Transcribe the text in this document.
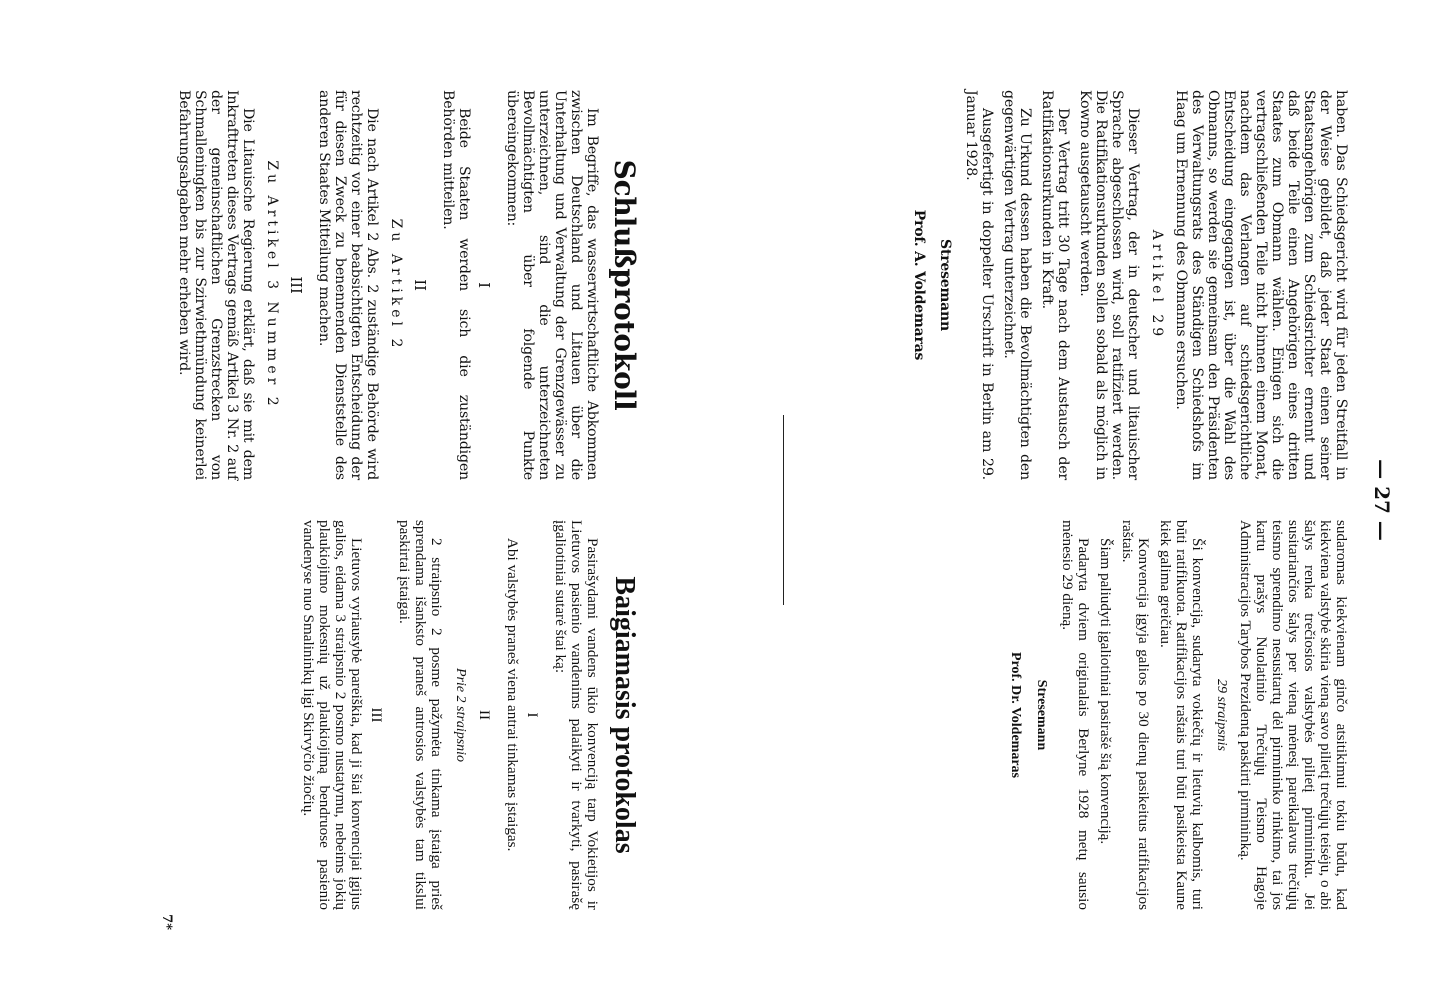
— 27 —

haben. Das Schiedsgericht wird für jeden Streitfall in der Weise gebildet, daß jeder Staat einen seiner Staatsangehörigen zum Schiedsrichter ernennt und daß beide Teile einen Angehörigen eines dritten Staates zum Obmann wählen. Einigen sich die vertragschließenden Teile nicht binnen einem Monat, nachdem das Verlangen auf schiedsgerichtliche Entscheidung eingegangen ist, über die Wahl des Obmanns, so werden sie gemeinsam den Präsidenten des Verwaltungsrats des Ständigen Schiedshofs im Haag um Ernennung des Obmanns ersuchen.

Artikel 29

Dieser Vertrag, der in deutscher und litauischer Sprache abgeschlossen wird, soll ratifiziert werden. Die Ratifikationsurkunden sollen sobald als möglich in Kowno ausgetauscht werden.

Der Vertrag tritt 30 Tage nach dem Austausch der Ratifikationsurkunden in Kraft.

Zu Urkund dessen haben die Bevollmächtigten den gegenwärtigen Vertrag unterzeichnet.

Ausgefertigt in doppelter Urschrift in Berlin am 29. Januar 1928.

Stresemann
Prof. A. Voldemaras

sudaromas kiekvienam ginčo atsitikimui tokiu būdu, kad kiekviena valstybė skiria vieną savo pilietį trečiųjų teisėju, o abi šalys renka trečiosios valstybės pilietį pirmininku. Jei susitariančios šalys per vieną mėnesį pareikalavus trečiųjų teismo sprendimo nesusitartų dėl pirmininko rinkimo, tai jos kartu prašys Nuolatinio Trečiųjų Teismo Hagoje Administracijos Tarybos Prezidentą paskirti pirmininką.

29 straipsnis

Ši konvencija, sudaryta vokiečių ir lietuvių kalbomis, turi būti ratifikuota. Ratifikacijos raštais turi būti pasikeista Kaune kiek galima greičiau.

Konvencija įgyja galios po 30 dienų pasikeitus ratifikacijos raštais.

Šiam paliudyti įgaliotiniai pasirašė šią konvenciją.

Padaryta dviem originalais Berlyne 1928 metų sausio mėnesio 29 dieną.

Stresemann
Prof. Dr. Voldemaras
Schlußprotokoll

Im Begriffe, das wasserwirtschaftliche Abkommen zwischen Deutschland und Litauen über die Unterhaltung und Verwaltung der Grenzgewässer zu unterzeichnen, sind die unterzeichneten Bevollmächtigten über folgende Punkte übereingekommen:

I

Beide Staaten werden sich die zuständigen Behörden mitteilen.

II
Zu Artikel 2

Die nach Artikel 2 Abs. 2 zuständige Behörde wird rechtzeitig vor einer beabsichtigten Entscheidung der für diesen Zweck zu benennenden Dienststelle des anderen Staates Mitteilung machen.

III
Zu Artikel 3 Nummer 2

Die Litauische Regierung erklärt, daß sie mit dem Inkrafttreten dieses Vertrags gemäß Artikel 3 Nr. 2 auf der gemeinschaftlichen Grenzstrecken von Schmalleningken bis zur Szirwiethmündung keinerlei Befahrungsabgaben mehr erheben wird.

Baigiamasis protokolas

Pasirašydami vandens ūkio konvenciją tarp Vokietijos ir Lietuvos pasienio vandenims palaikyti ir tvarkyti, pasirašę įgaliotiniai sutarė štai ką:

I

Abi valstybės praneš viena antrai tinkamas įstaigas.

II
Prie 2 straipsnio

2 straipsnio 2 posme pažymėta tinkama įstaiga prieš sprendama išanksto praneš antrosios valstybės tam tikslui paskirtai įstaigai.

III

Lietuvos vyriausybė pareiškia, kad ji šiai konvencijai įgijus galios, eidama 3 straipsnio 2 posmo nustatymu, nebeims jokių plaukiojimo mokesnių už plaukiojimą bendruose pasienio vandenyse nuo Smalininkų ligi Skirvyčio žiočių.

7*
